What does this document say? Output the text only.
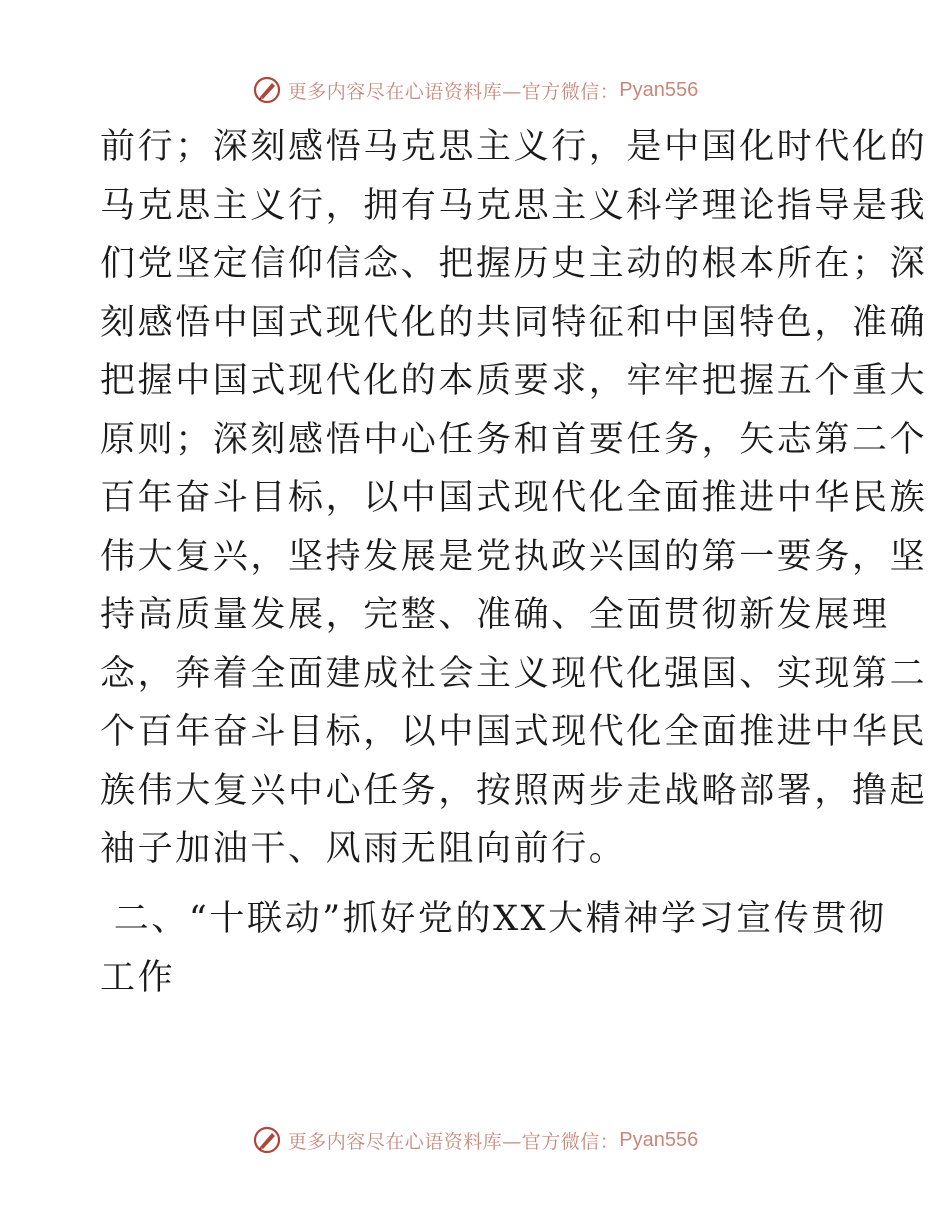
更多内容尽在心语资料库—官方微信： Pyan556
前行；深刻感悟马克思主义行，是中国化时代化的
马克思主义行，拥有马克思主义科学理论指导是我
们党坚定信仰信念、把握历史主动的根本所在；深
刻感悟中国式现代化的共同特征和中国特色，准确
把握中国式现代化的本质要求，牢牢把握五个重大
原则；深刻感悟中心任务和首要任务，矢志第二个
百年奋斗目标，以中国式现代化全面推进中华民族
伟大复兴，坚持发展是党执政兴国的第一要务，坚
持高质量发展，完整、准确、全面贯彻新发展理
念，奔着全面建成社会主义现代化强国、实现第二
个百年奋斗目标，以中国式现代化全面推进中华民
族伟大复兴中心任务，按照两步走战略部署，撸起
袖子加油干、风雨无阻向前行。
二、“十联动”抓好党的XX大精神学习宣传贯彻
工作
更多内容尽在心语资料库—官方微信： Pyan556
